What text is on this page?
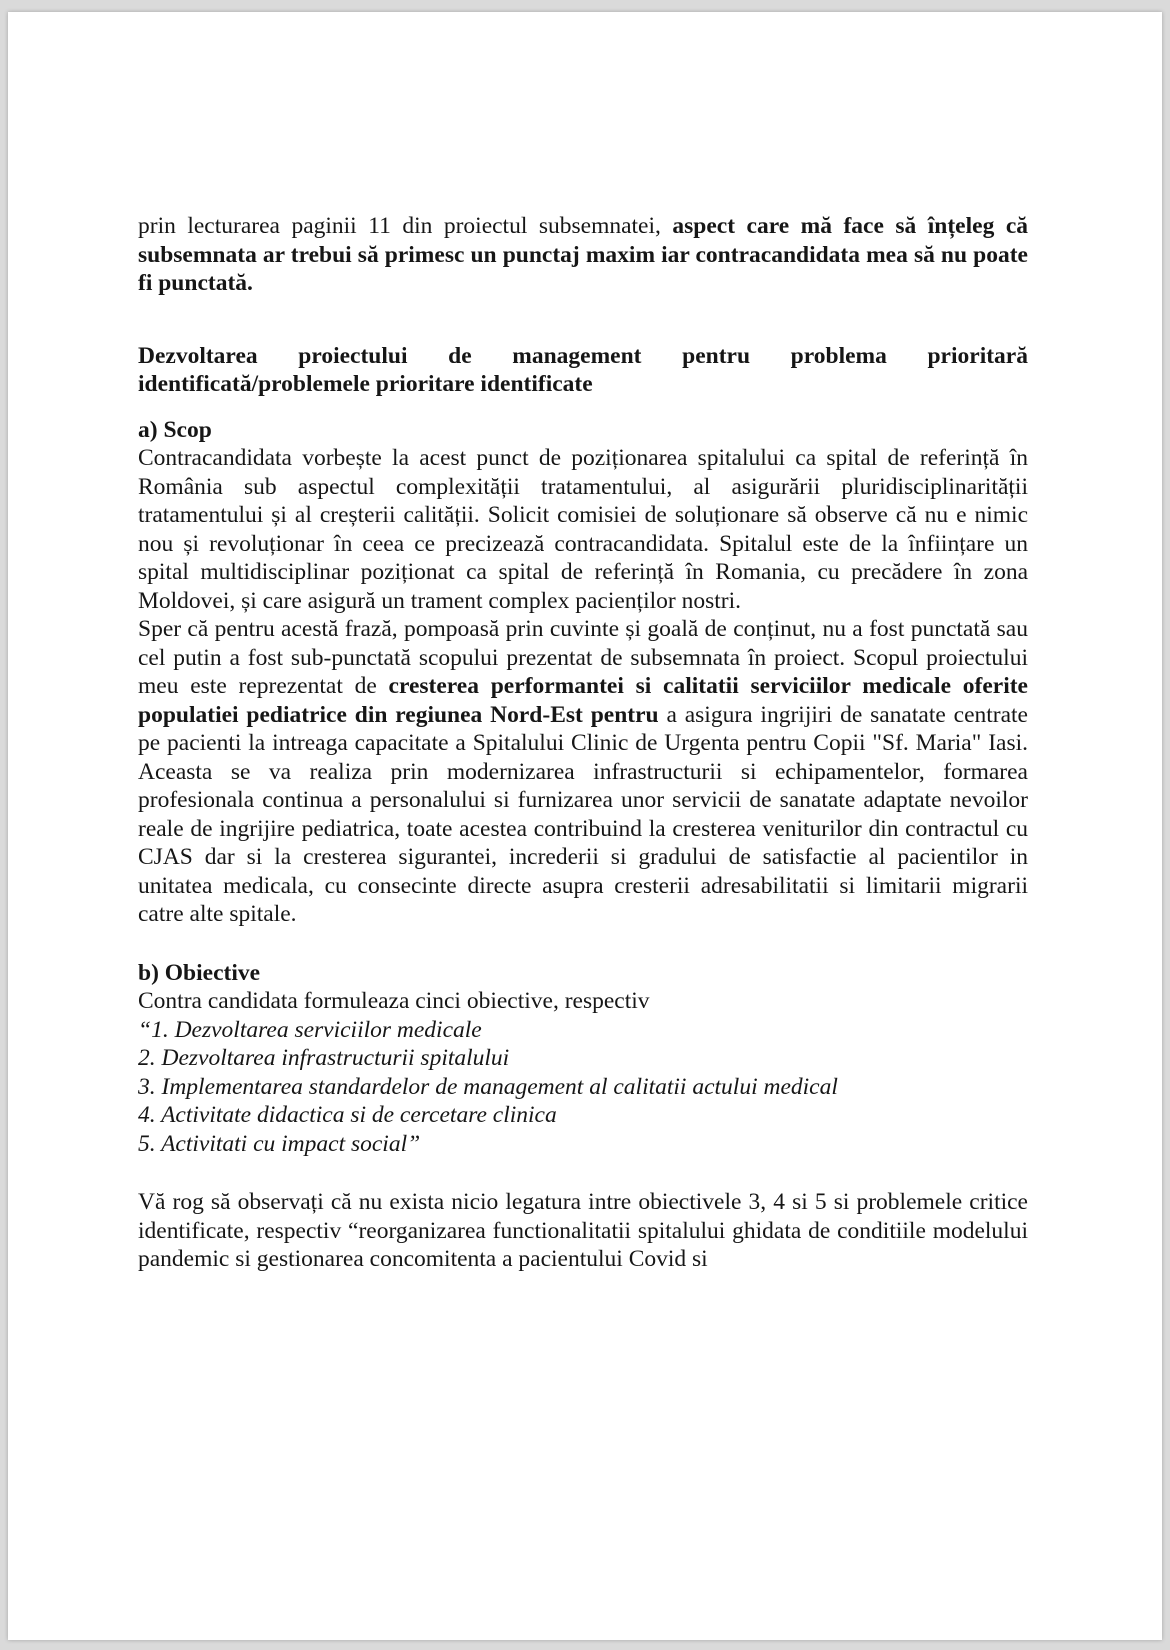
prin lecturarea paginii 11 din proiectul subsemnatei, aspect care mă face să înțeleg că subsemnata ar trebui să primesc un punctaj maxim iar contracandidata mea să nu poate fi punctată.

Dezvoltarea proiectului de management pentru problema prioritară

identificată/problemele prioritare identificate

a) Scop

Contracandidata vorbește la acest punct de poziționarea spitalului ca spital de referință în România sub aspectul complexității tratamentului, al asigurării pluridisciplinarității tratamentului și al creșterii calității. Solicit comisiei de soluționare să observe că nu e nimic nou și revoluționar în ceea ce precizează contracandidata. Spitalul este de la înființare un spital multidisciplinar poziționat ca spital de referință în Romania, cu precădere în zona Moldovei, și care asigură un trament complex pacienților nostri.

Sper că pentru acestă frază, pompoasă prin cuvinte și goală de conținut, nu a fost punctată sau cel putin a fost sub-punctată scopului prezentat de subsemnata în proiect. Scopul proiectului meu este reprezentat de cresterea performantei si calitatii serviciilor medicale oferite populatiei pediatrice din regiunea Nord-Est pentru a asigura ingrijiri de sanatate centrate pe pacienti la intreaga capacitate a Spitalului Clinic de Urgenta pentru Copii "Sf. Maria" Iasi. Aceasta se va realiza prin modernizarea infrastructurii si echipamentelor, formarea profesionala continua a personalului si furnizarea unor servicii de sanatate adaptate nevoilor reale de ingrijire pediatrica, toate acestea contribuind la cresterea veniturilor din contractul cu CJAS dar si la cresterea sigurantei, increderii si gradului de satisfactie al pacientilor in unitatea medicala, cu consecinte directe asupra cresterii adresabilitatii si limitarii migrarii catre alte spitale.

b) Obiective

Contra candidata formuleaza cinci obiective, respectiv

“1. Dezvoltarea serviciilor medicale
2. Dezvoltarea infrastructurii spitalului
3. Implementarea standardelor de management al calitatii actului medical
4. Activitate didactica si de cercetare clinica
5. Activitati cu impact social”

Vă rog să observați că nu exista nicio legatura intre obiectivele 3, 4 si 5 si problemele critice identificate, respectiv “reorganizarea functionalitatii spitalului ghidata de conditiile modelului pandemic si gestionarea concomitenta a pacientului Covid si
